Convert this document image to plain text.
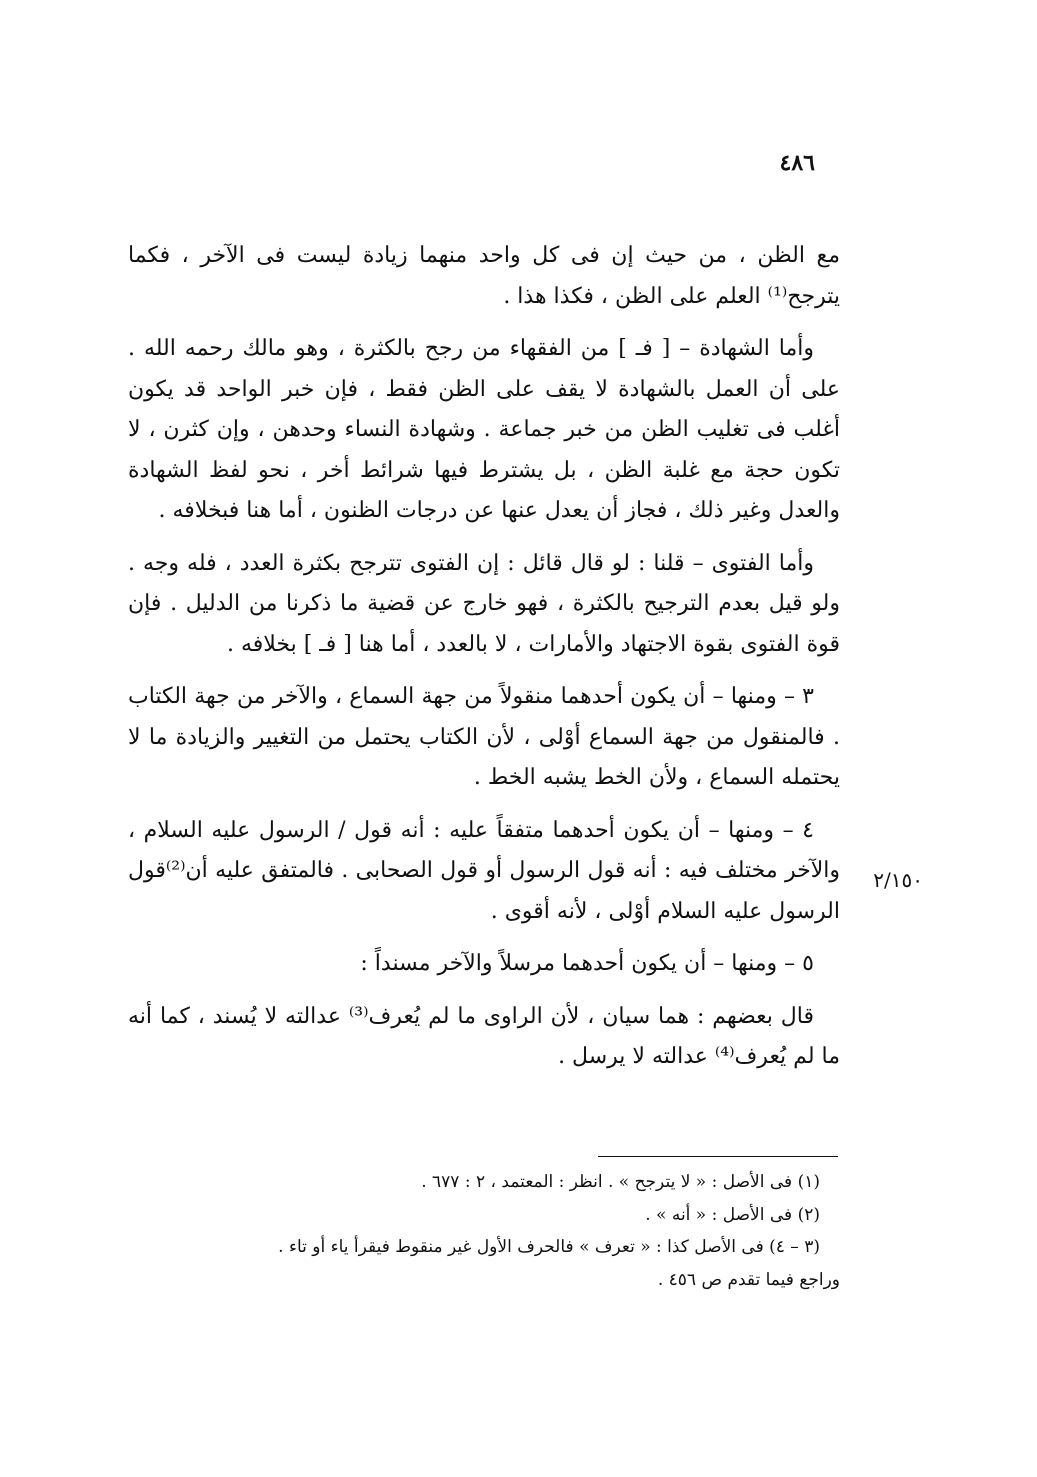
٤٨٦
٢/١٥٠

مع الظن ، من حيث إن فى كل واحد منهما زيادة ليست فى الآخر ، فكما يترجح⁽¹⁾ العلم على الظن ، فكذا هذا .

وأما الشهادة – [ فـ ] من الفقهاء من رجح بالكثرة ، وهو مالك رحمه الله . على أن العمل بالشهادة لا يقف على الظن فقط ، فإن خبر الواحد قد يكون أغلب فى تغليب الظن من خبر جماعة . وشهادة النساء وحدهن ، وإن كثرن ، لا تكون حجة مع غلبة الظن ، بل يشترط فيها شرائط أخر ، نحو لفظ الشهادة والعدل وغير ذلك ، فجاز أن يعدل عنها عن درجات الظنون ، أما هنا فبخلافه .

وأما الفتوى – قلنا : لو قال قائل : إن الفتوى تترجح بكثرة العدد ، فله وجه . ولو قيل بعدم الترجيح بالكثرة ، فهو خارج عن قضية ما ذكرنا من الدليل . فإن قوة الفتوى بقوة الاجتهاد والأمارات ، لا بالعدد ، أما هنا [ فـ ] بخلافه .

٣ – ومنها – أن يكون أحدهما منقولاً من جهة السماع ، والآخر من جهة الكتاب . فالمنقول من جهة السماع أوْلى ، لأن الكتاب يحتمل من التغيير والزيادة ما لا يحتمله السماع ، ولأن الخط يشبه الخط .

٤ – ومنها – أن يكون أحدهما متفقاً عليه : أنه قول / الرسول عليه السلام ، والآخر مختلف فيه : أنه قول الرسول أو قول الصحابى . فالمتفق عليه أن⁽²⁾قول الرسول عليه السلام أوْلى ، لأنه أقوى .

٥ – ومنها – أن يكون أحدهما مرسلاً والآخر مسنداً :

قال بعضهم : هما سيان ، لأن الراوى ما لم يُعرف⁽³⁾ عدالته لا يُسند ، كما أنه ما لم يُعرف⁽⁴⁾ عدالته لا يرسل .

(١) فى الأصل : « لا يترجح » . انظر : المعتمد ، ٢ : ٦٧٧ .
(٢) فى الأصل : « أنه » .
(٣ – ٤) فى الأصل كذا : « تعرف » فالحرف الأول غير منقوط فيقرأ ياء أو تاء .
وراجع فيما تقدم ص ٤٥٦ .
